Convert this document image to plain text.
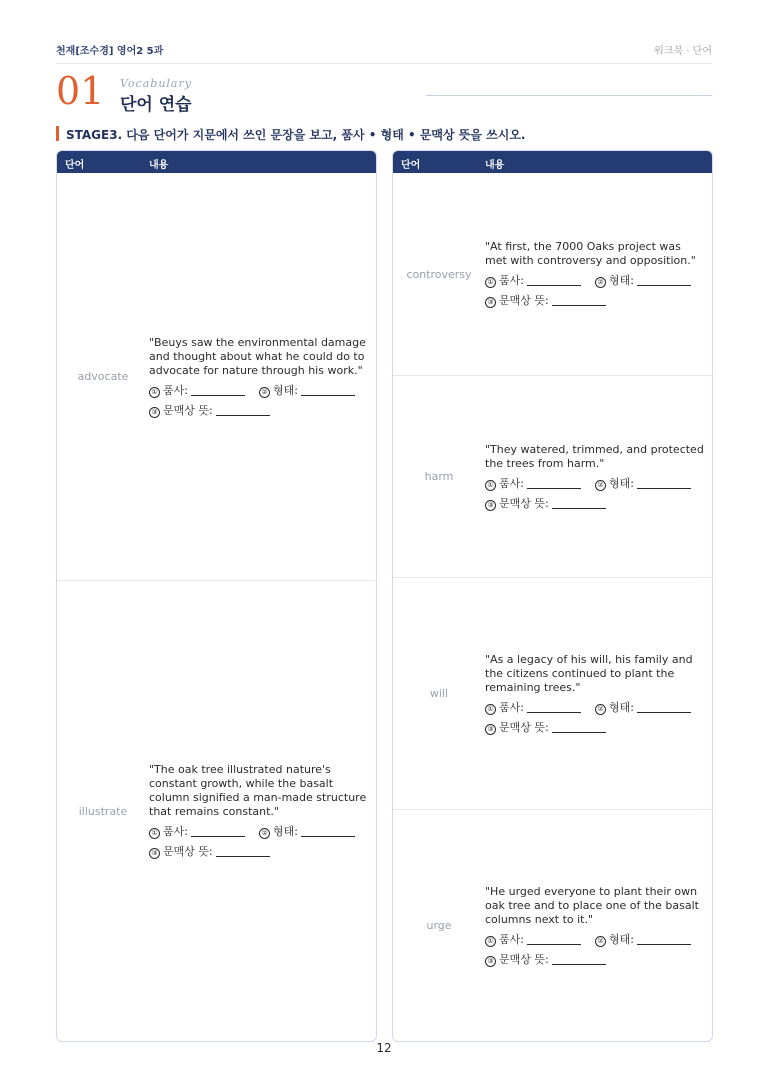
천재[조수경] 영어2 5과	워크북 · 단어
01 Vocabulary
단어 연습
STAGE3. 다음 단어가 지문에서 쓰인 문장을 보고, 품사 • 형태 • 문맥상 뜻을 쓰시오.
단어	내용
advocate
"Beuys saw the environmental damage and thought about what he could do to advocate for nature through his work."
① 품사:	② 형태:
③ 문맥상 뜻:
illustrate
"The oak tree illustrated nature's constant growth, while the basalt column signified a man-made structure that remains constant."
① 품사:	② 형태:
③ 문맥상 뜻:
단어	내용
controversy
"At first, the 7000 Oaks project was met with controversy and opposition."
① 품사:	② 형태:
③ 문맥상 뜻:
harm
"They watered, trimmed, and protected the trees from harm."
① 품사:	② 형태:
③ 문맥상 뜻:
will
"As a legacy of his will, his family and the citizens continued to plant the remaining trees."
① 품사:	② 형태:
③ 문맥상 뜻:
urge
"He urged everyone to plant their own oak tree and to place one of the basalt columns next to it."
① 품사:	② 형태:
③ 문맥상 뜻:
12
